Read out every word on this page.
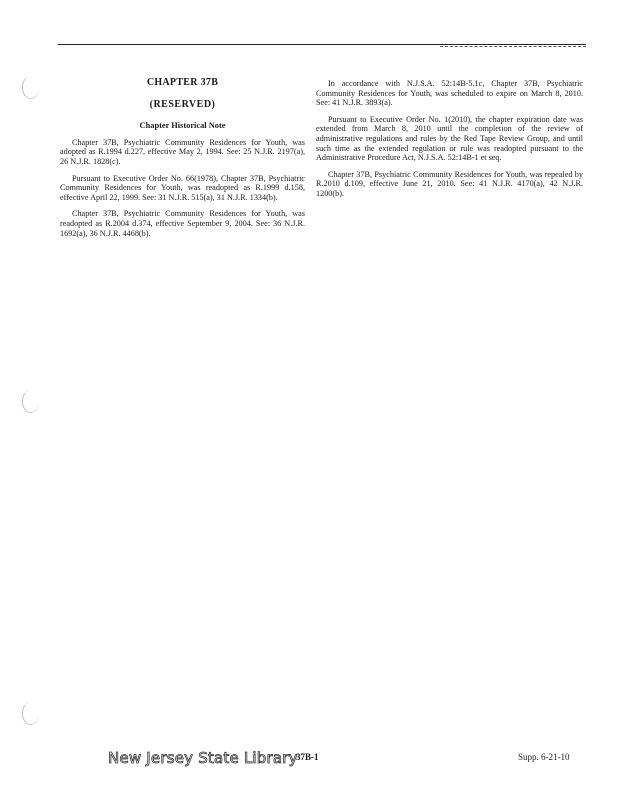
CHAPTER 37B
(RESERVED)
Chapter Historical Note

Chapter 37B, Psychiatric Community Residences for Youth, was adopted as R.1994 d.227, effective May 2, 1994. See: 25 N.J.R. 2197(a), 26 N.J.R. 1828(c).

Pursuant to Executive Order No. 66(1978), Chapter 37B, Psychiatric Community Residences for Youth, was readopted as R.1999 d.158, effective April 22, 1999. See: 31 N.J.R. 515(a), 31 N.J.R. 1334(b).

Chapter 37B, Psychiatric Community Residences for Youth, was readopted as R.2004 d.374, effective September 9, 2004. See: 36 N.J.R. 1692(a), 36 N.J.R. 4468(b).

In accordance with N.J.S.A. 52:14B-5.1c, Chapter 37B, Psychiatric Community Residences for Youth, was scheduled to expire on March 8, 2010. See: 41 N.J.R. 3893(a).

Pursuant to Executive Order No. 1(2010), the chapter expiration date was extended from March 8, 2010 until the completion of the review of administrative regulations and rules by the Red Tape Review Group, and until such time as the extended regulation or rule was readopted pursuant to the Administrative Procedure Act, N.J.S.A. 52:14B-1 et seq.

Chapter 37B, Psychiatric Community Residences for Youth, was repealed by R.2010 d.109, effective June 21, 2010. See: 41 N.J.R. 4170(a), 42 N.J.R. 1200(b).

New Jersey State Library
37B-1	Supp. 6-21-10
